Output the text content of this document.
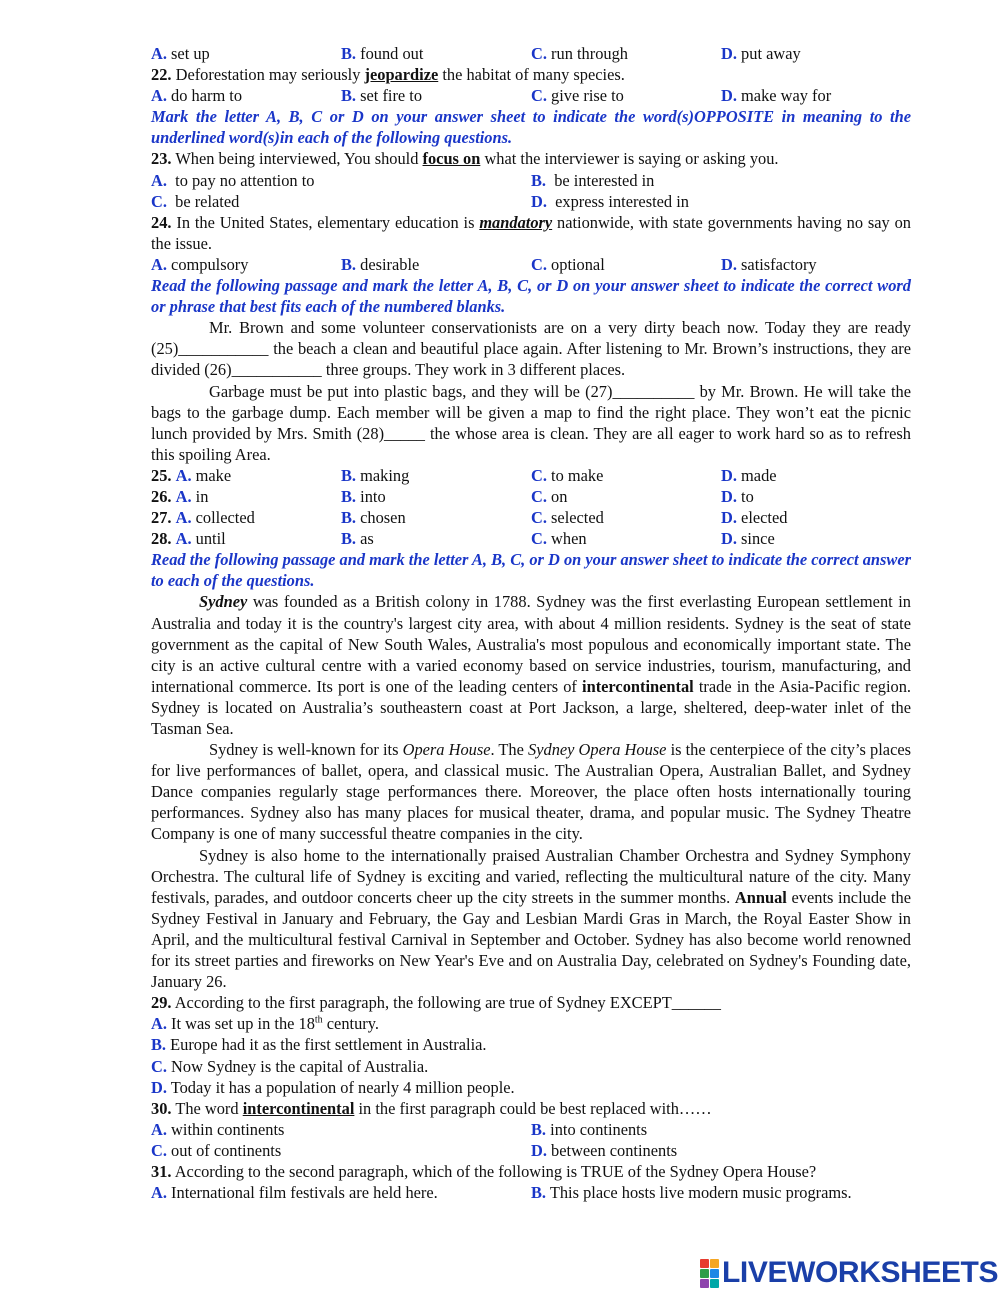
A. set up	B. found out	C. run through	D. put away

22. Deforestation may seriously jeopardize the habitat of many species.

A. do harm to	B. set fire to	C. give rise to	D. make way for

Mark the letter A, B, C or D on your answer sheet to indicate the word(s)OPPOSITE in meaning to the underlined word(s)in each of the following questions.

23. When being interviewed, You should focus on what the interviewer is saying or asking you.

A. to pay no attention to	B. be interested in
C. be related	D. express interested in

24. In the United States, elementary education is mandatory nationwide, with state governments having no say on the issue.

A. compulsory	B. desirable	C. optional	D. satisfactory

Read the following passage and mark the letter A, B, C, or D on your answer sheet to indicate the correct word or phrase that best fits each of the numbered blanks.

Mr. Brown and some volunteer conservationists are on a very dirty beach now. Today they are ready (25)___________ the beach a clean and beautiful place again. After listening to Mr. Brown’s instructions, they are divided (26)___________ three groups. They work in 3 different places.

Garbage must be put into plastic bags, and they will be (27)__________ by Mr. Brown. He will take the bags to the garbage dump. Each member will be given a map to find the right place. They won’t eat the picnic lunch provided by Mrs. Smith (28)_____ the whose area is clean. They are all eager to work hard so as to refresh this spoiling Area.

25. A. make	B. making	C. to make	D. made
26. A. in	B. into	C. on	D. to
27. A. collected	B. chosen	C. selected	D. elected
28. A. until	B. as	C. when	D. since

Read the following passage and mark the letter A, B, C, or D on your answer sheet to indicate the correct answer to each of the questions.

Sydney was founded as a British colony in 1788. Sydney was the first everlasting European settlement in Australia and today it is the country's largest city area, with about 4 million residents. Sydney is the seat of state government as the capital of New South Wales, Australia's most populous and economically important state. The city is an active cultural centre with a varied economy based on service industries, tourism, manufacturing, and international commerce. Its port is one of the leading centers of intercontinental trade in the Asia-Pacific region. Sydney is located on Australia’s southeastern coast at Port Jackson, a large, sheltered, deep-water inlet of the Tasman Sea.

Sydney is well-known for its Opera House. The Sydney Opera House is the centerpiece of the city’s places for live performances of ballet, opera, and classical music. The Australian Opera, Australian Ballet, and Sydney Dance companies regularly stage performances there. Moreover, the place often hosts internationally touring performances. Sydney also has many places for musical theater, drama, and popular music. The Sydney Theatre Company is one of many successful theatre companies in the city.

Sydney is also home to the internationally praised Australian Chamber Orchestra and Sydney Symphony Orchestra. The cultural life of Sydney is exciting and varied, reflecting the multicultural nature of the city. Many festivals, parades, and outdoor concerts cheer up the city streets in the summer months. Annual events include the Sydney Festival in January and February, the Gay and Lesbian Mardi Gras in March, the Royal Easter Show in April, and the multicultural festival Carnival in September and October. Sydney has also become world renowned for its street parties and fireworks on New Year's Eve and on Australia Day, celebrated on Sydney's Founding date, January 26.

29. According to the first paragraph, the following are true of Sydney EXCEPT______

A. It was set up in the 18th century.

B. Europe had it as the first settlement in Australia.

C. Now Sydney is the capital of Australia.

D. Today it has a population of nearly 4 million people.

30. The word intercontinental in the first paragraph could be best replaced with……

A. within continents	B. into continents
C. out of continents	D. between continents

31. According to the second paragraph, which of the following is TRUE of the Sydney Opera House?

A. International film festivals are held here.	B. This place hosts live modern music programs.
LIVEWORKSHEETS
